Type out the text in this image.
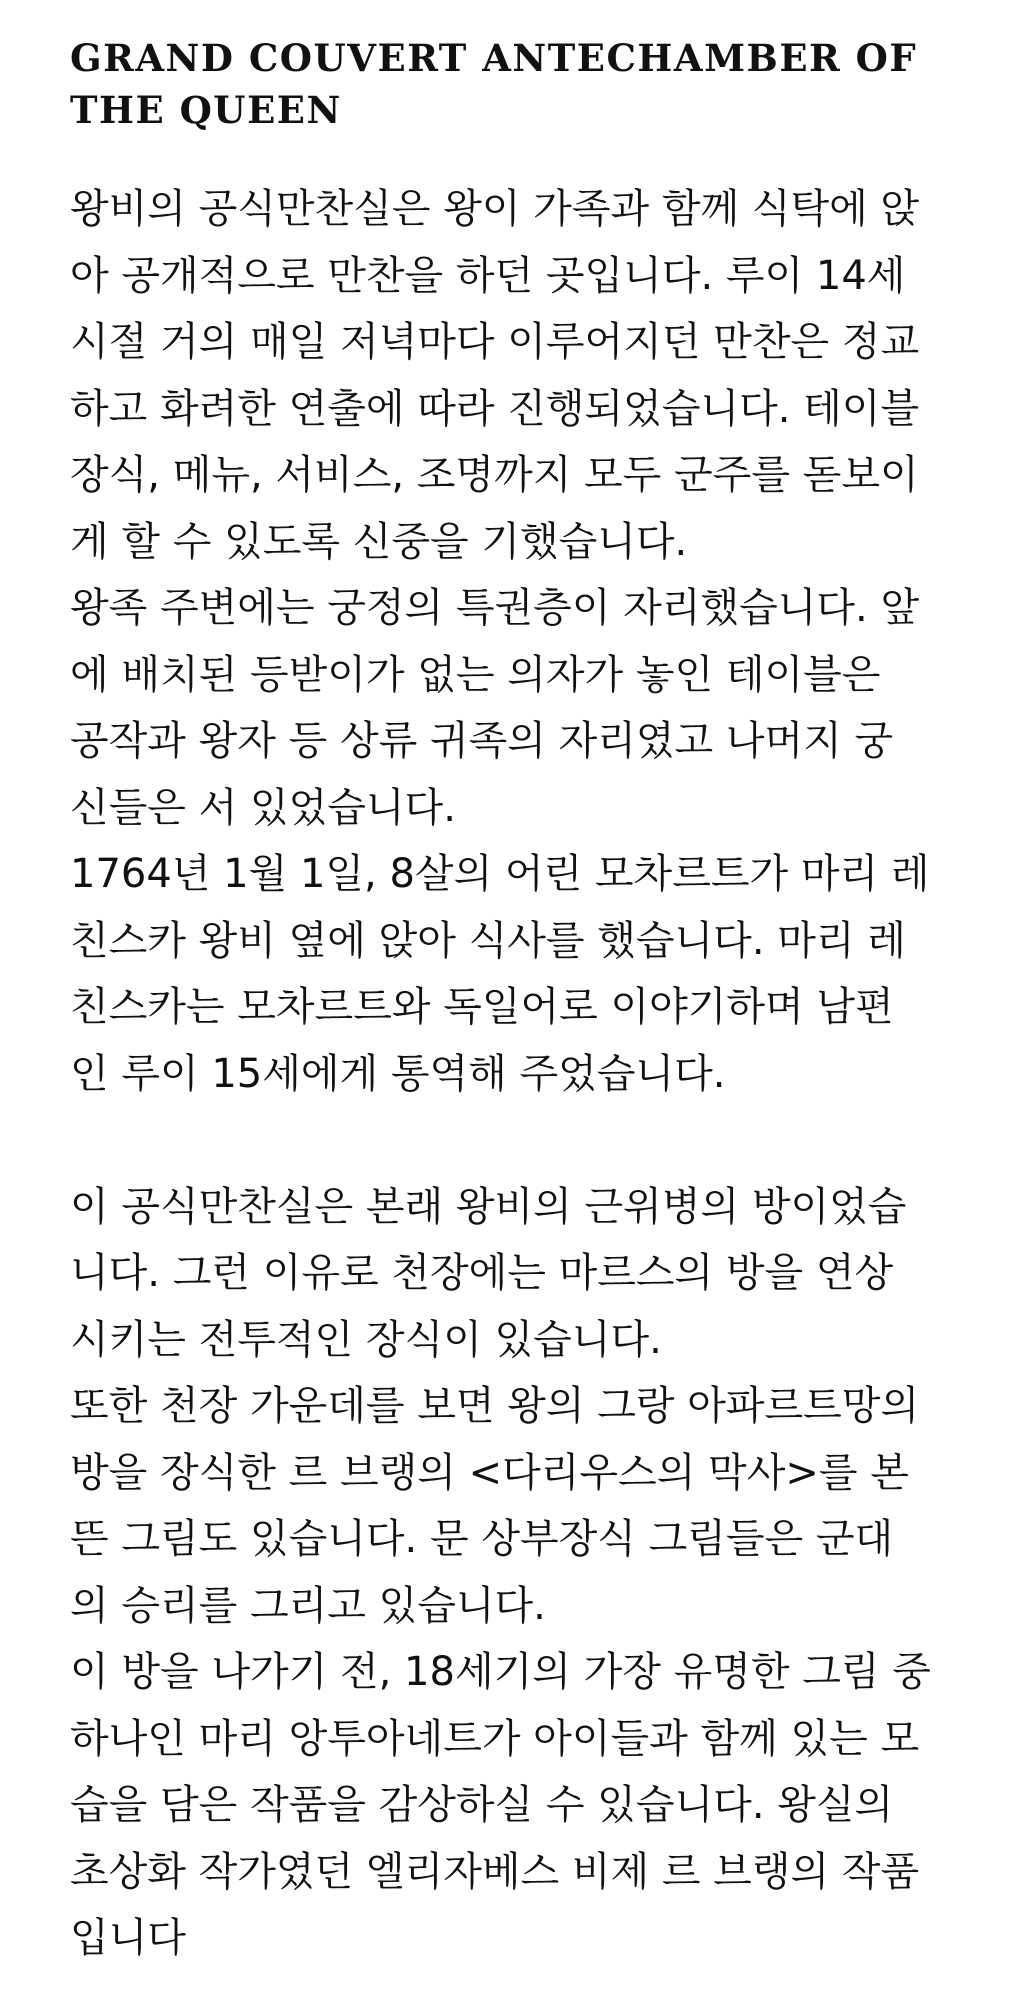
GRAND COUVERT ANTECHAMBER OF THE QUEEN
왕비의 공식만찬실은 왕이 가족과 함께 식탁에 앉
아 공개적으로 만찬을 하던 곳입니다. 루이 14세
시절 거의 매일 저녁마다 이루어지던 만찬은 정교
하고 화려한 연출에 따라 진행되었습니다. 테이블
장식, 메뉴, 서비스, 조명까지 모두 군주를 돋보이
게 할 수 있도록 신중을 기했습니다.
왕족 주변에는 궁정의 특권층이 자리했습니다. 앞
에 배치된 등받이가 없는 의자가 놓인 테이블은
공작과 왕자 등 상류 귀족의 자리였고 나머지 궁
신들은 서 있었습니다.
1764년 1월 1일, 8살의 어린 모차르트가 마리 레
친스카 왕비 옆에 앉아 식사를 했습니다. 마리 레
친스카는 모차르트와 독일어로 이야기하며 남편
인 루이 15세에게 통역해 주었습니다.
이 공식만찬실은 본래 왕비의 근위병의 방이었습
니다. 그런 이유로 천장에는 마르스의 방을 연상
시키는 전투적인 장식이 있습니다.
또한 천장 가운데를 보면 왕의 그랑 아파르트망의
방을 장식한 르 브랭의 <다리우스의 막사>를 본
뜬 그림도 있습니다. 문 상부장식 그림들은 군대
의 승리를 그리고 있습니다.
이 방을 나가기 전, 18세기의 가장 유명한 그림 중
하나인 마리 앙투아네트가 아이들과 함께 있는 모
습을 담은 작품을 감상하실 수 있습니다. 왕실의
초상화 작가였던 엘리자베스 비제 르 브랭의 작품
입니다
